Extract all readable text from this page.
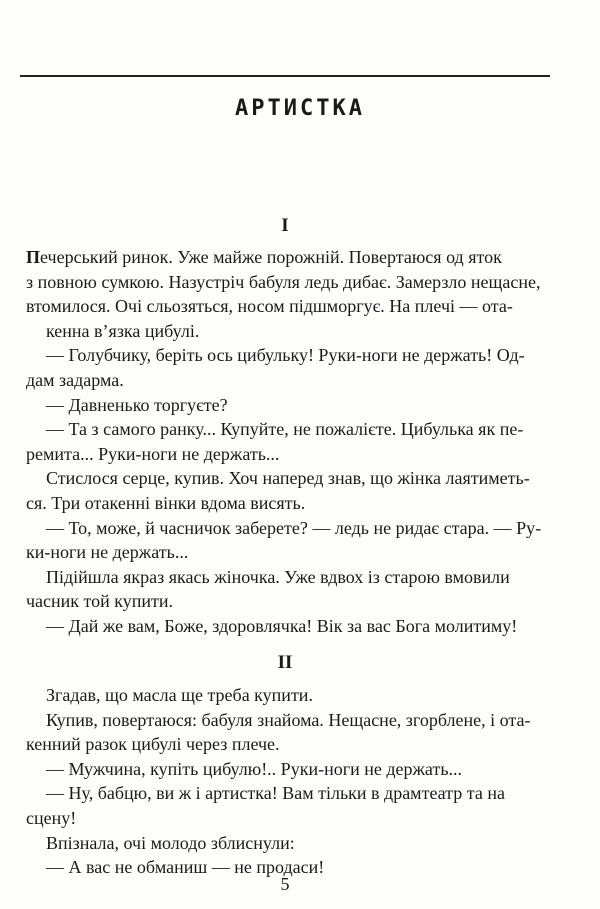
АРТИСТКА
I
Печерський ринок. Уже майже порожній. Повертаюся од яток
з повною сумкою. Назустріч бабуля ледь дибає. Замерзло нещасне,
втомилося. Очі сльозяться, носом підшморгує. На плечі — ота-
кенна в’язка цибулі.
— Голубчику, беріть ось цибульку! Руки-ноги не держать! Од-
дам задарма.
— Давненько торгуєте?
— Та з самого ранку... Купуйте, не пожалієте. Цибулька як пе-
ремита... Руки-ноги не держать...
Стислося серце, купив. Хоч наперед знав, що жінка лаятиметь-
ся. Три отакенні вінки вдома висять.
— То, може, й часничок заберете? — ледь не ридає стара. — Ру-
ки-ноги не держать...
Підійшла якраз якась жіночка. Уже вдвох із старою вмовили
часник той купити.
— Дай же вам, Боже, здоровлячка! Вік за вас Бога молитиму!
II
Згадав, що масла ще треба купити.
Купив, повертаюся: бабуля знайома. Нещасне, згорблене, і ота-
кенний разок цибулі через плече.
— Мужчина, купіть цибулю!.. Руки-ноги не держать...
— Ну, бабцю, ви ж і артистка! Вам тільки в драмтеатр та на
сцену!
Впізнала, очі молодо зблиснули:
— А вас не обманиш — не продаси!
5
